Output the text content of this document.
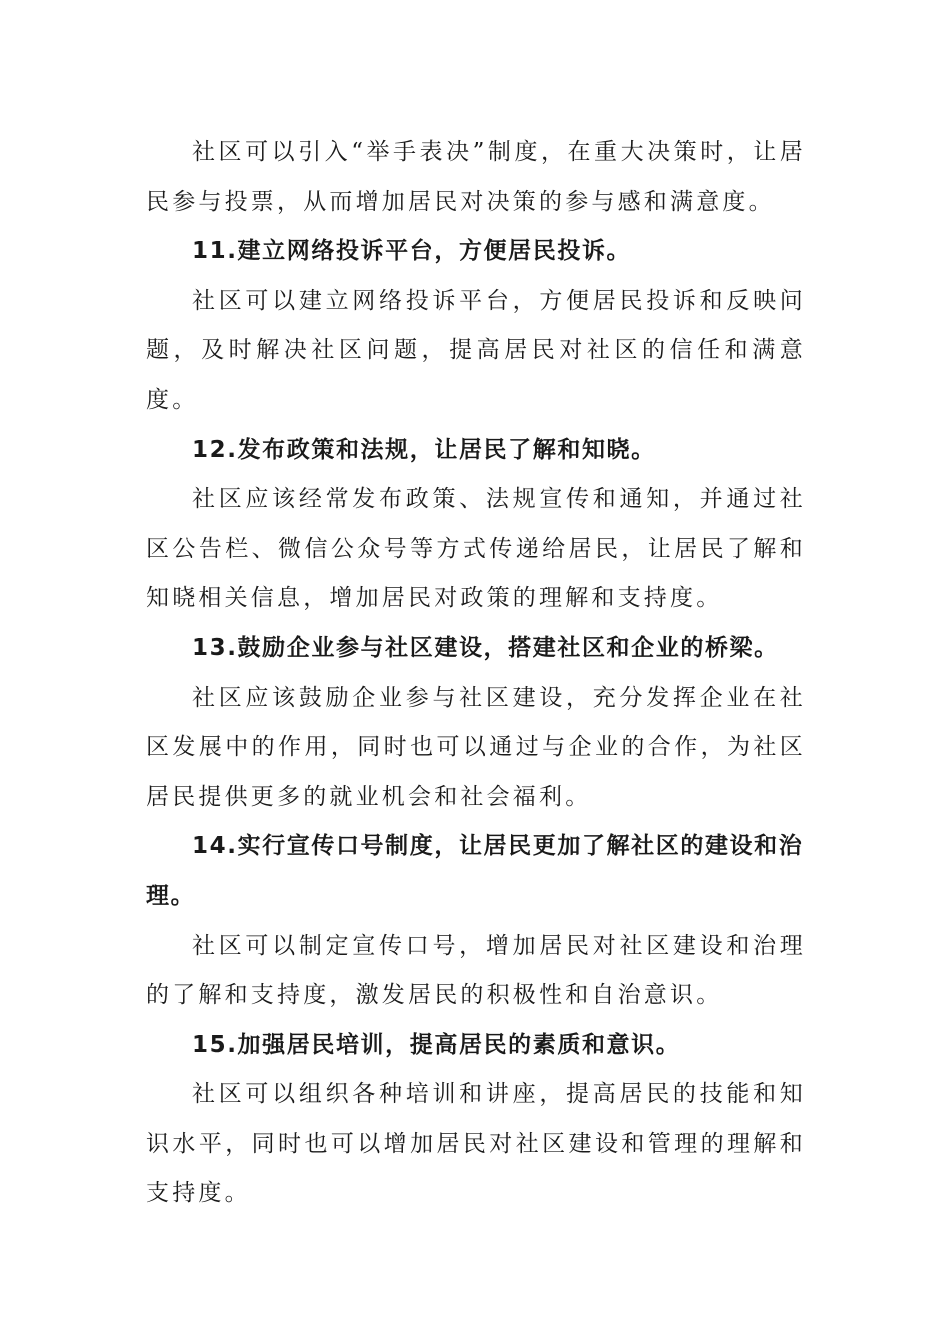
社区可以引入“举手表决”制度，在重大决策时，让居民参与投票，从而增加居民对决策的参与感和满意度。

11.建立网络投诉平台，方便居民投诉。

社区可以建立网络投诉平台，方便居民投诉和反映问题，及时解决社区问题，提高居民对社区的信任和满意度。

12.发布政策和法规，让居民了解和知晓。

社区应该经常发布政策、法规宣传和通知，并通过社区公告栏、微信公众号等方式传递给居民，让居民了解和知晓相关信息，增加居民对政策的理解和支持度。

13.鼓励企业参与社区建设，搭建社区和企业的桥梁。

社区应该鼓励企业参与社区建设，充分发挥企业在社区发展中的作用，同时也可以通过与企业的合作，为社区居民提供更多的就业机会和社会福利。

14.实行宣传口号制度，让居民更加了解社区的建设和治理。

社区可以制定宣传口号，增加居民对社区建设和治理的了解和支持度，激发居民的积极性和自治意识。

15.加强居民培训，提高居民的素质和意识。

社区可以组织各种培训和讲座，提高居民的技能和知识水平，同时也可以增加居民对社区建设和管理的理解和支持度。
